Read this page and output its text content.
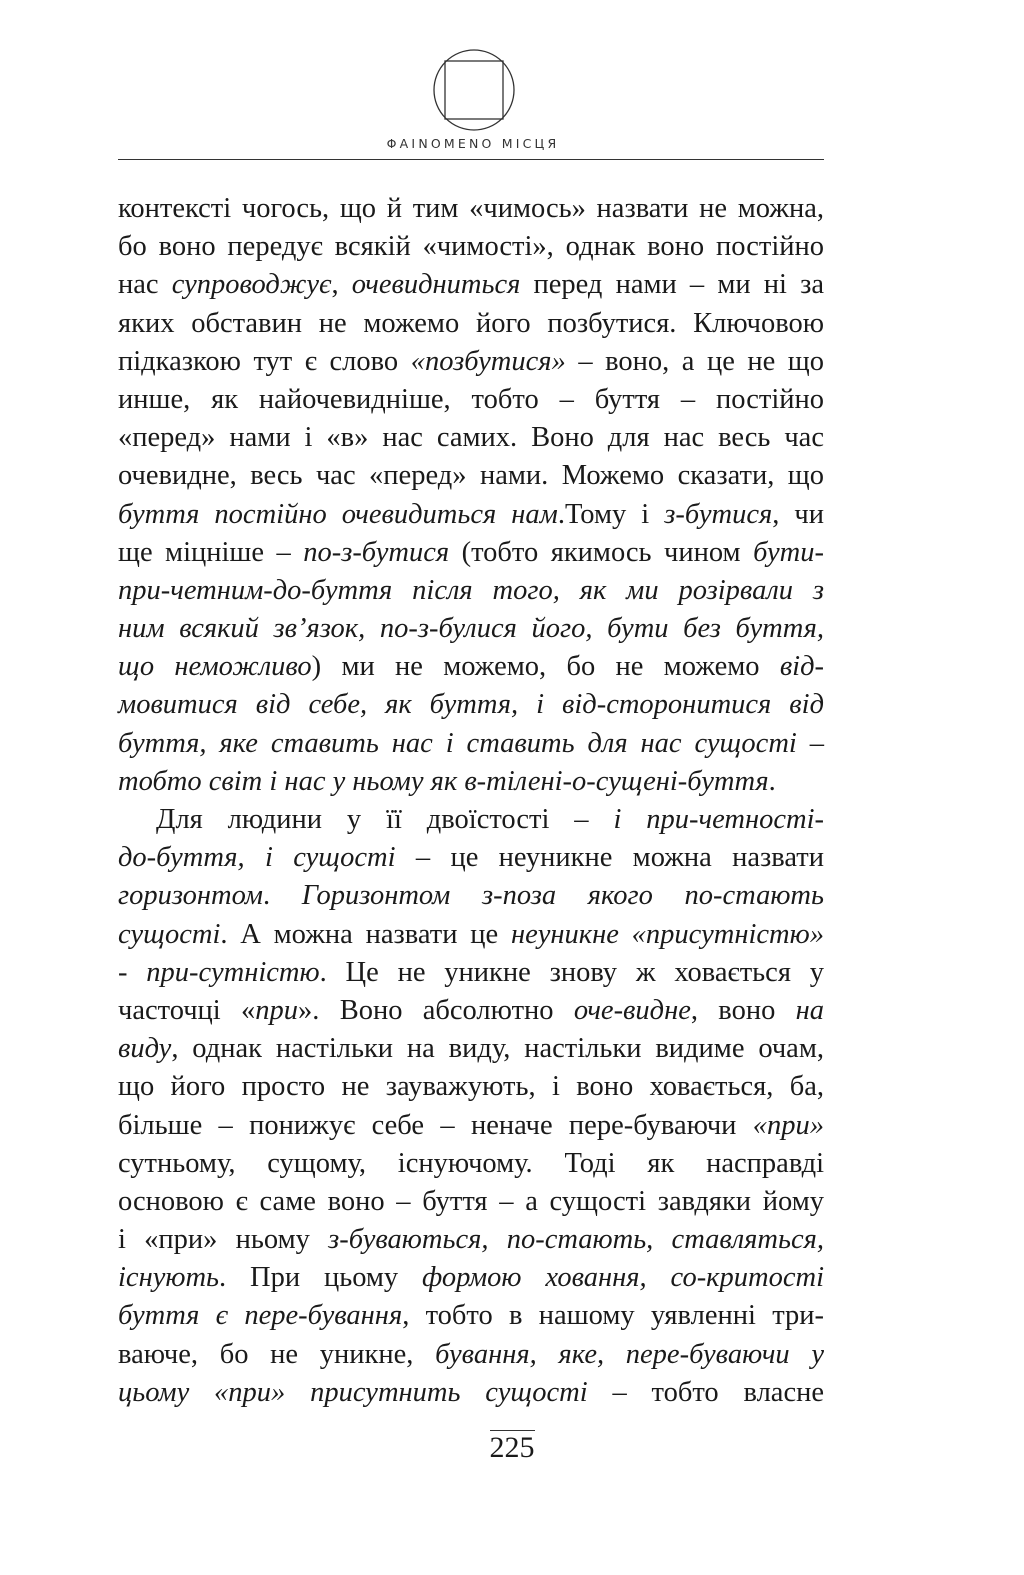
ΦAINOMENO МІСЦЯ
контексті чогось, що й тим «чимось» назвати не можна,
бо воно передує всякій «чимості», однак воно постійно
нас супроводжує, очевидниться перед нами – ми ні за
яких обставин не можемо його позбутися. Ключовою
підказкою тут є слово «позбутися» – воно, а це не що
инше, як найочевидніше, тобто – буття – постійно
«перед» нами і «в» нас самих. Воно для нас весь час
очевидне, весь час «перед» нами. Можемо сказати, що
буття постійно очевидиться нам.Тому і з-бутися, чи
ще міцніше – по-з-бутися (тобто якимось чином бути-
при-четним-до-буття після того, як ми розірвали з
ним всякий зв’язок, по-з-булися його, бути без буття,
що неможливо) ми не можемо, бо не можемо від-
мовитися від себе, як буття, і від-сторонитися від
буття, яке ставить нас і ставить для нас сущості –
тобто світ і нас у ньому як в-тілені-о-сущені-буття.
Для людини у її двоїстості – і при-четності-
до-буття, і сущості – це неуникне можна назвати
горизонтом. Горизонтом з-поза якого по-стають
сущості. А можна назвати це неуникне «присутністю»
- при-сутністю. Це не уникне знову ж ховається у
часточці «при». Воно абсолютно оче-видне, воно на
виду, однак настільки на виду, настільки видиме очам,
що його просто не зауважують, і воно ховається, ба,
більше – понижує себе – неначе пере-буваючи «при»
сутньому, сущому, існуючому. Тоді як насправді
основою є саме воно – буття – а сущості завдяки йому
і «при» ньому з-буваються, по-стають, ставляться,
існують. При цьому формою ховання, со-критості
буття є пере-бування, тобто в нашому уявленні три-
ваюче, бо не уникне, бування, яке, пере-буваючи у
цьому «при» присутнить сущості – тобто власне
225
